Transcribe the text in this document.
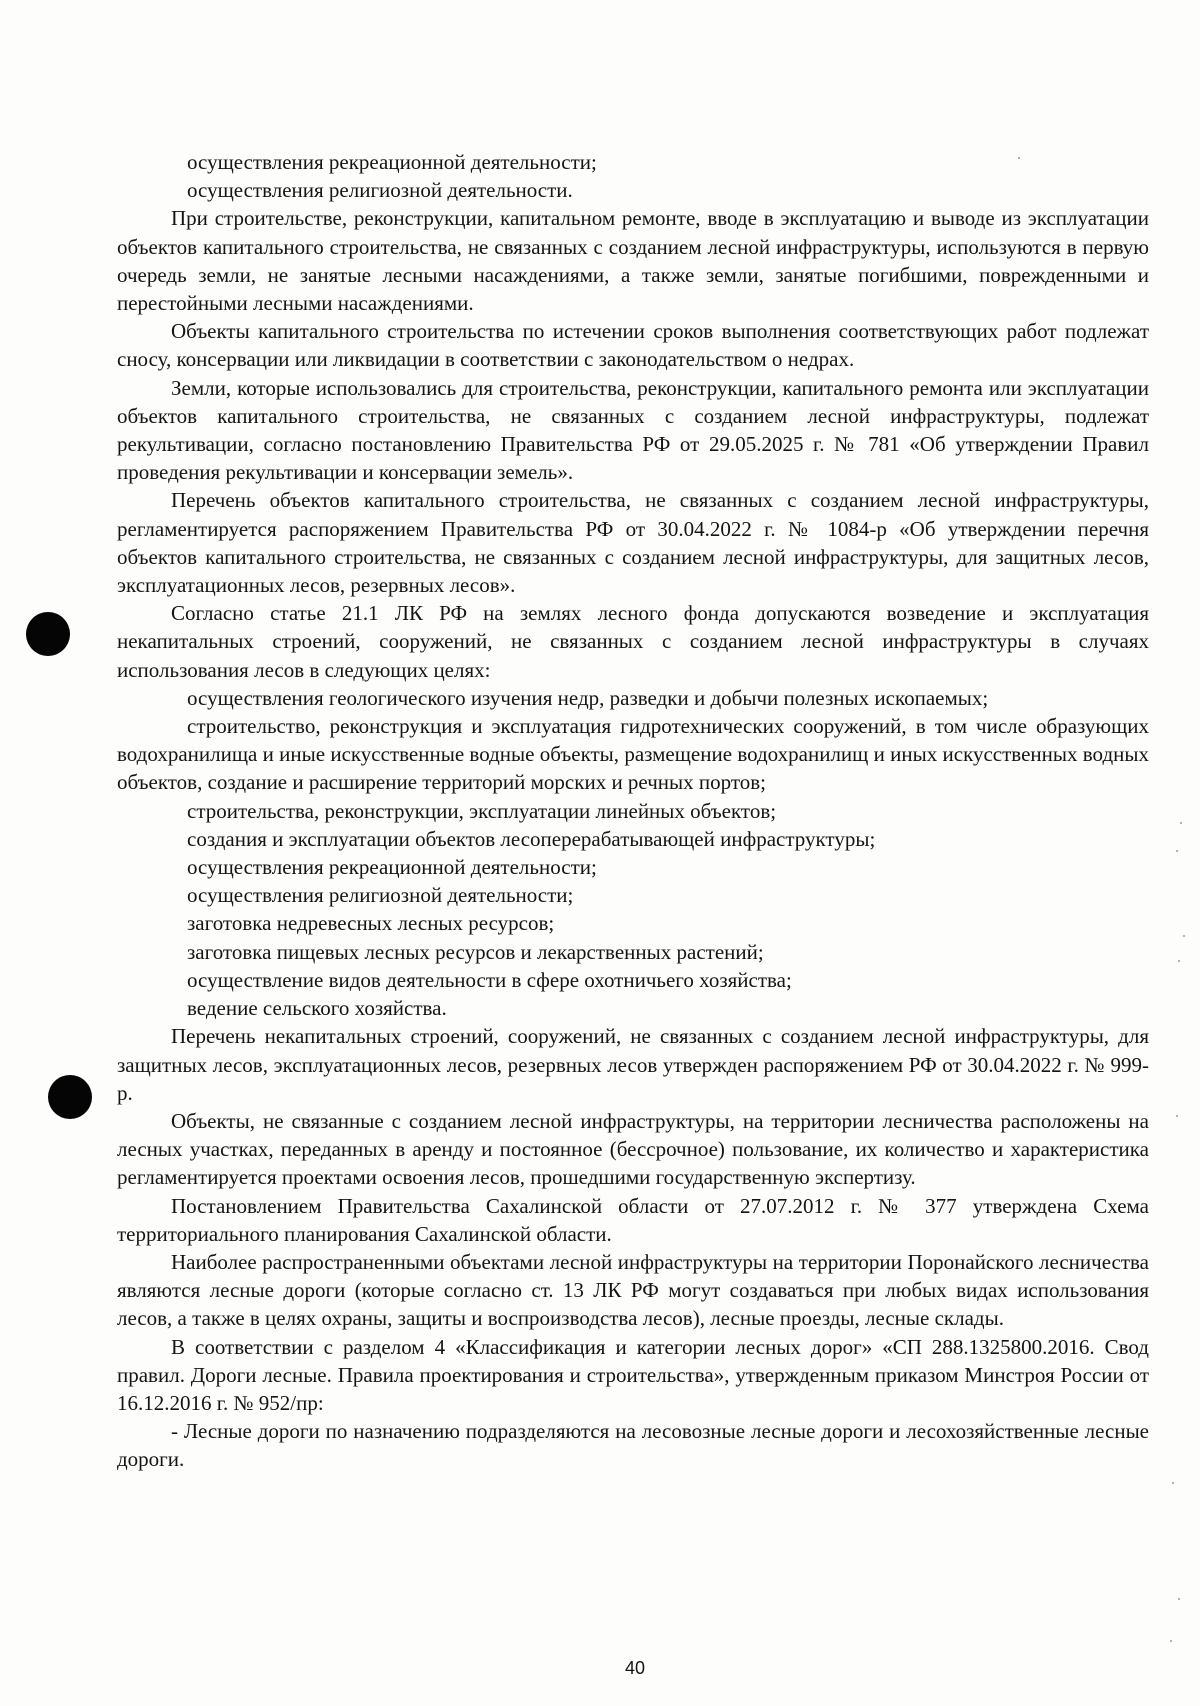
осуществления рекреационной деятельности;

осуществления религиозной деятельности.

При строительстве, реконструкции, капитальном ремонте, вводе в эксплуатацию и выводе из эксплуатации объектов капитального строительства, не связанных с созданием лесной инфраструктуры, используются в первую очередь земли, не занятые лесными насаждениями, а также земли, занятые погибшими, поврежденными и перестойными лесными насаждениями.

Объекты капитального строительства по истечении сроков выполнения соответствующих работ подлежат сносу, консервации или ликвидации в соответствии с законодательством о недрах.

Земли, которые использовались для строительства, реконструкции, капитального ремонта или эксплуатации объектов капитального строительства, не связанных с созданием лесной инфраструктуры, подлежат рекультивации, согласно постановлению Правительства РФ от 29.05.2025 г. № 781 «Об утверждении Правил проведения рекультивации и консервации земель».

Перечень объектов капитального строительства, не связанных с созданием лесной инфраструктуры, регламентируется распоряжением Правительства РФ от 30.04.2022 г. № 1084-р «Об утверждении перечня объектов капитального строительства, не связанных с созданием лесной инфраструктуры, для защитных лесов, эксплуатационных лесов, резервных лесов».

Согласно статье 21.1 ЛК РФ на землях лесного фонда допускаются возведение и эксплуатация некапитальных строений, сооружений, не связанных с созданием лесной инфраструктуры в случаях использования лесов в следующих целях:

осуществления геологического изучения недр, разведки и добычи полезных ископаемых;

строительство, реконструкция и эксплуатация гидротехнических сооружений, в том числе образующих водохранилища и иные искусственные водные объекты, размещение водохранилищ и иных искусственных водных объектов, создание и расширение территорий морских и речных портов;

строительства, реконструкции, эксплуатации линейных объектов;

создания и эксплуатации объектов лесоперерабатывающей инфраструктуры;

осуществления рекреационной деятельности;

осуществления религиозной деятельности;

заготовка недревесных лесных ресурсов;

заготовка пищевых лесных ресурсов и лекарственных растений;

осуществление видов деятельности в сфере охотничьего хозяйства;

ведение сельского хозяйства.

Перечень некапитальных строений, сооружений, не связанных с созданием лесной инфраструктуры, для защитных лесов, эксплуатационных лесов, резервных лесов утвержден распоряжением РФ от 30.04.2022 г. № 999-р.

Объекты, не связанные с созданием лесной инфраструктуры, на территории лесничества расположены на лесных участках, переданных в аренду и постоянное (бессрочное) пользование, их количество и характеристика регламентируется проектами освоения лесов, прошедшими государственную экспертизу.

Постановлением Правительства Сахалинской области от 27.07.2012 г. № 377 утверждена Схема территориального планирования Сахалинской области.

Наиболее распространенными объектами лесной инфраструктуры на территории Поронайского лесничества являются лесные дороги (которые согласно ст. 13 ЛК РФ могут создаваться при любых видах использования лесов, а также в целях охраны, защиты и воспроизводства лесов), лесные проезды, лесные склады.

В соответствии с разделом 4 «Классификация и категории лесных дорог» «СП 288.1325800.2016. Свод правил. Дороги лесные. Правила проектирования и строительства», утвержденным приказом Минстроя России от 16.12.2016 г. № 952/пр:

- Лесные дороги по назначению подразделяются на лесовозные лесные дороги и лесохозяйственные лесные дороги.

40
